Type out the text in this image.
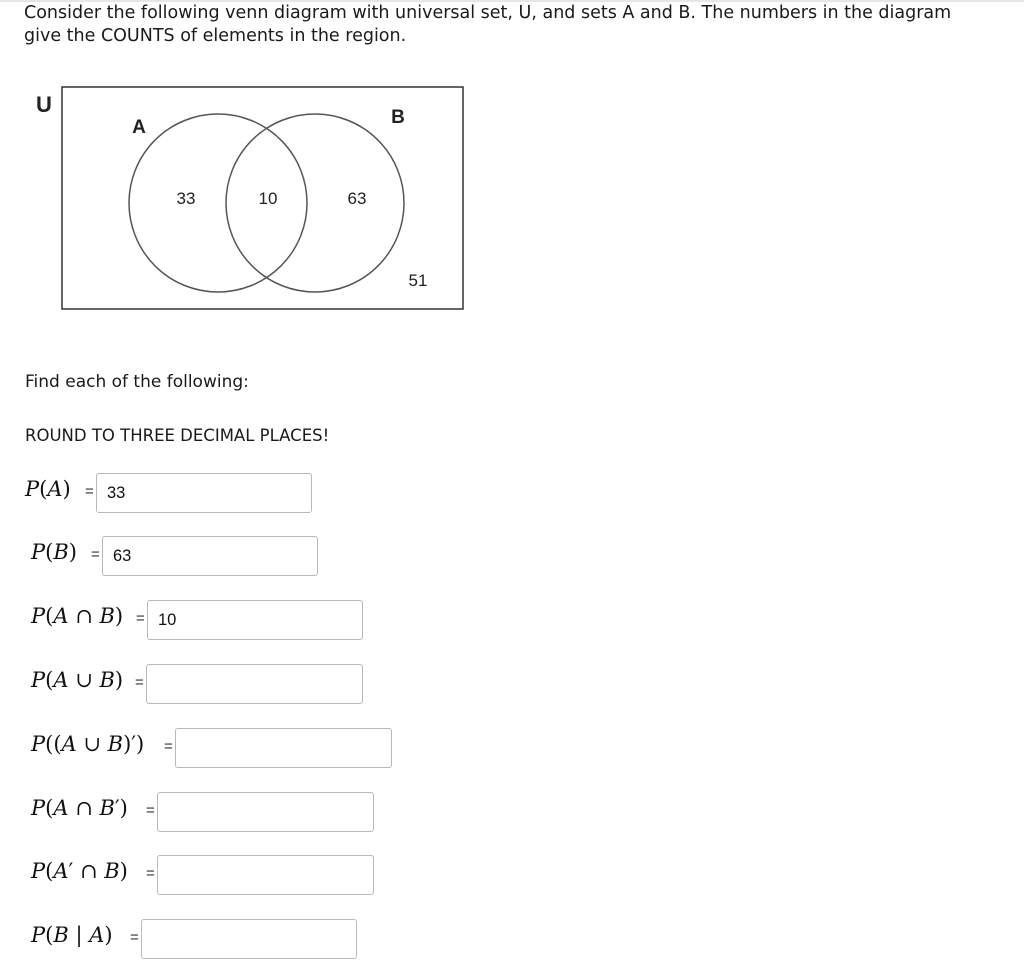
Consider the following venn diagram with universal set, U, and sets A and B. The numbers in the diagram
give the COUNTS of elements in the region.
U
A	B
33	10	63
51
Find each of the following:
ROUND TO THREE DECIMAL PLACES!
P(A) =
33
P(B) =
63
P(A ∩ B) =
10
P(A ∪ B) =
P((A ∪ B)′) =
P(A ∩ B′) =
P(A′ ∩ B) =
P(B | A) =
